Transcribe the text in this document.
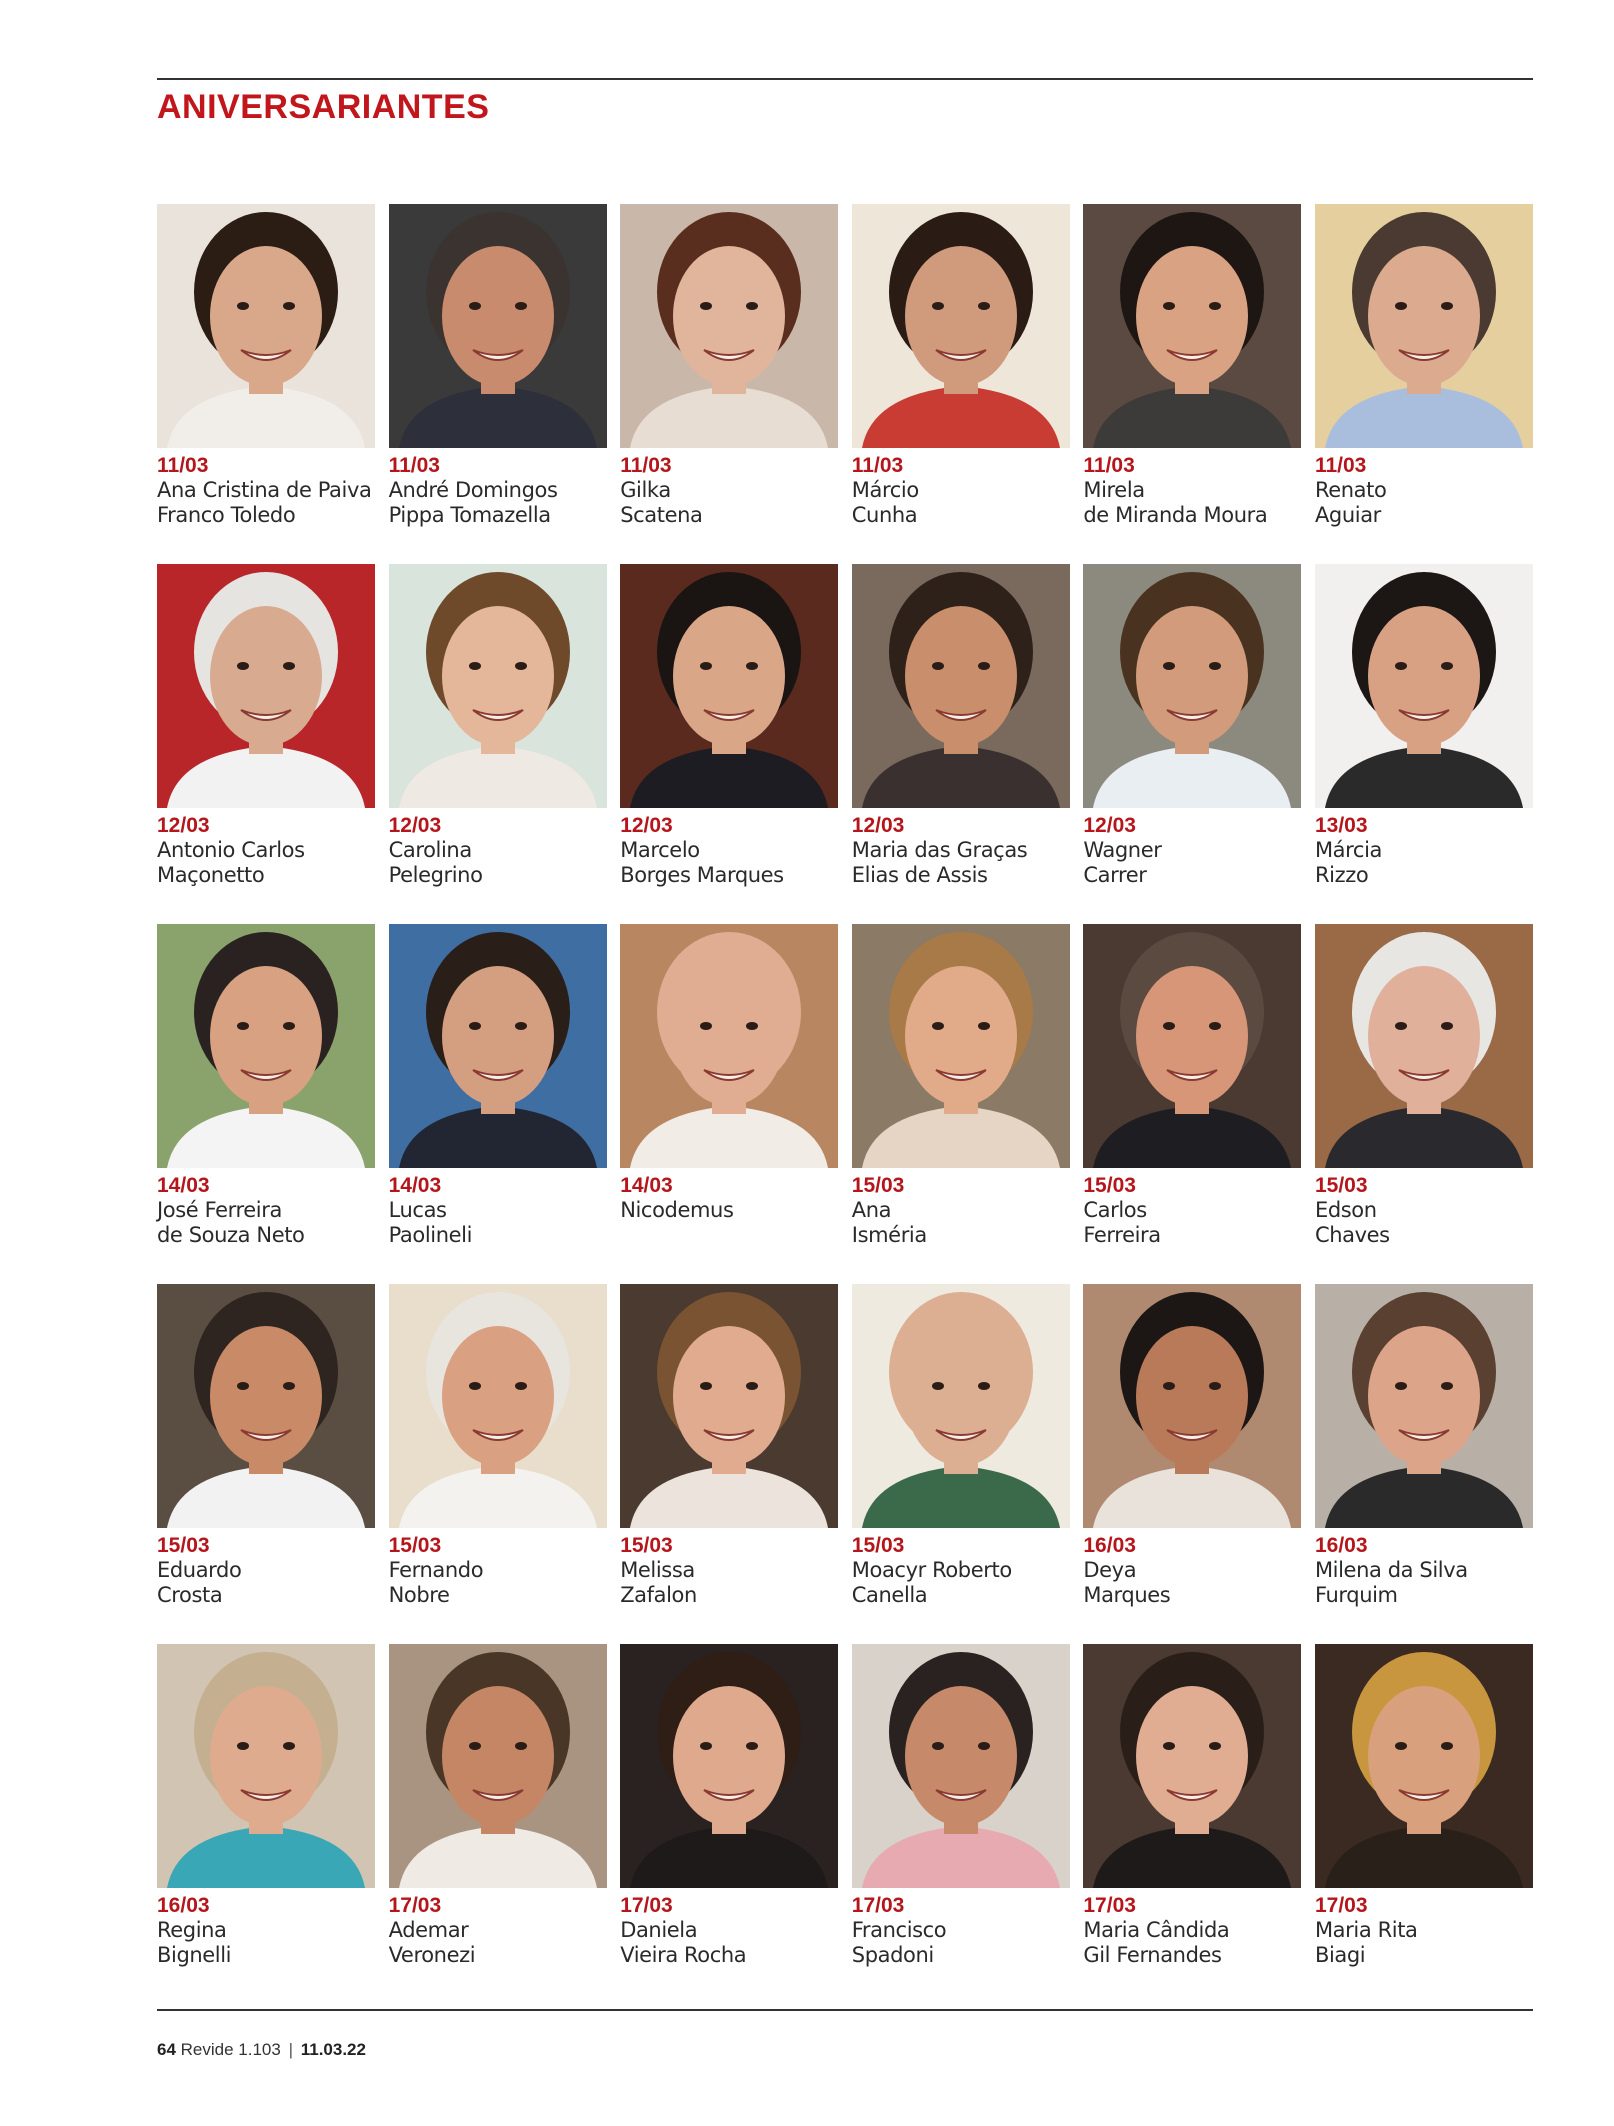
ANIVERSARIANTES
11/03
Ana Cristina de Paiva
Franco Toledo
11/03
André Domingos
Pippa Tomazella
11/03
Gilka
Scatena
11/03
Márcio
Cunha
11/03
Mirela
de Miranda Moura
11/03
Renato
Aguiar
12/03
Antonio Carlos
Maçonetto
12/03
Carolina
Pelegrino
12/03
Marcelo
Borges Marques
12/03
Maria das Graças
Elias de Assis
12/03
Wagner
Carrer
13/03
Márcia
Rizzo
14/03
José Ferreira
de Souza Neto
14/03
Lucas
Paolineli
14/03
Nicodemus
15/03
Ana
Isméria
15/03
Carlos
Ferreira
15/03
Edson
Chaves
15/03
Eduardo
Crosta
15/03
Fernando
Nobre
15/03
Melissa
Zafalon
15/03
Moacyr Roberto
Canella
16/03
Deya
Marques
16/03
Milena da Silva
Furquim
16/03
Regina
Bignelli
17/03
Ademar
Veronezi
17/03
Daniela
Vieira Rocha
17/03
Francisco
Spadoni
17/03
Maria Cândida
Gil Fernandes
17/03
Maria Rita
Biagi
64 Revide 1.103 | 11.03.22
